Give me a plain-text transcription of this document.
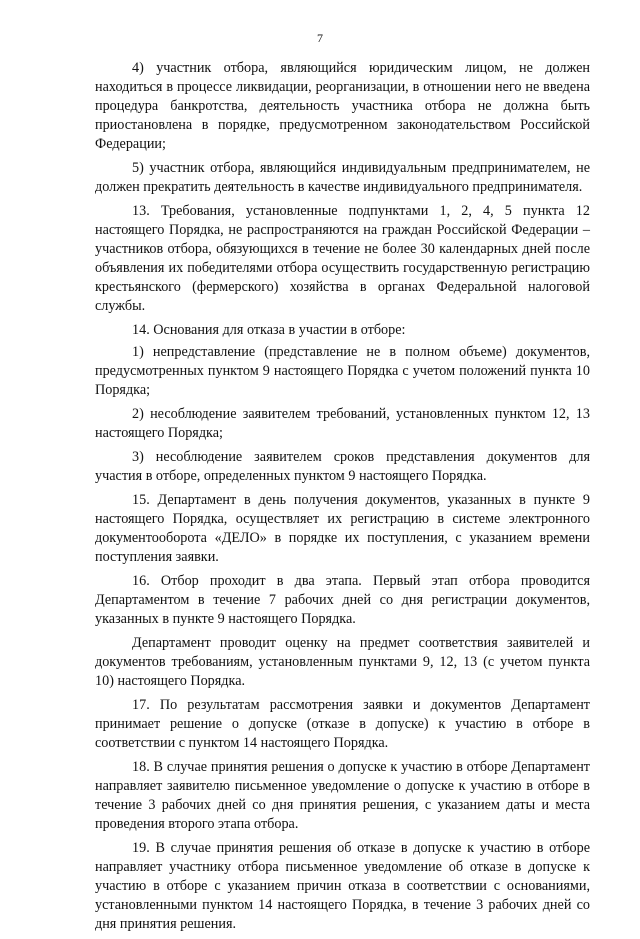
7

4) участник отбора, являющийся юридическим лицом, не должен находиться в процессе ликвидации, реорганизации, в отношении него не введена процедура банкротства, деятельность участника отбора не должна быть приостановлена в порядке, предусмотренном законодательством Российской Федерации;

5) участник отбора, являющийся индивидуальным предпринимателем, не должен прекратить деятельность в качестве индивидуального предпринимателя.

13. Требования, установленные подпунктами 1, 2, 4, 5 пункта 12 настоящего Порядка, не распространяются на граждан Российской Федерации – участников отбора, обязующихся в течение не более 30 календарных дней после объявления их победителями отбора осуществить государственную регистрацию крестьянского (фермерского) хозяйства в органах Федеральной налоговой службы.

14. Основания для отказа в участии в отборе:

1) непредставление (представление не в полном объеме) документов, предусмотренных пунктом 9 настоящего Порядка с учетом положений пункта 10 Порядка;

2) несоблюдение заявителем требований, установленных пунктом 12, 13 настоящего Порядка;

3) несоблюдение заявителем сроков представления документов для участия в отборе, определенных пунктом 9 настоящего Порядка.

15. Департамент в день получения документов, указанных в пункте 9 настоящего Порядка, осуществляет их регистрацию в системе электронного документооборота «ДЕЛО» в порядке их поступления, с указанием времени поступления заявки.

16. Отбор проходит в два этапа. Первый этап отбора проводится Департаментом в течение 7 рабочих дней со дня регистрации документов, указанных в пункте 9 настоящего Порядка.

Департамент проводит оценку на предмет соответствия заявителей и документов требованиям, установленным пунктами 9, 12, 13 (с учетом пункта 10) настоящего Порядка.

17. По результатам рассмотрения заявки и документов Департамент принимает решение о допуске (отказе в допуске) к участию в отборе в соответствии с пунктом 14 настоящего Порядка.

18. В случае принятия решения о допуске к участию в отборе Департамент направляет заявителю письменное уведомление о допуске к участию в отборе в течение 3 рабочих дней со дня принятия решения, с указанием даты и места проведения второго этапа отбора.

19. В случае принятия решения об отказе в допуске к участию в отборе направляет участнику отбора письменное уведомление об отказе в допуске к участию в отборе с указанием причин отказа в соответствии с основаниями, установленными пунктом 14 настоящего Порядка, в течение 3 рабочих дней со дня принятия решения.
